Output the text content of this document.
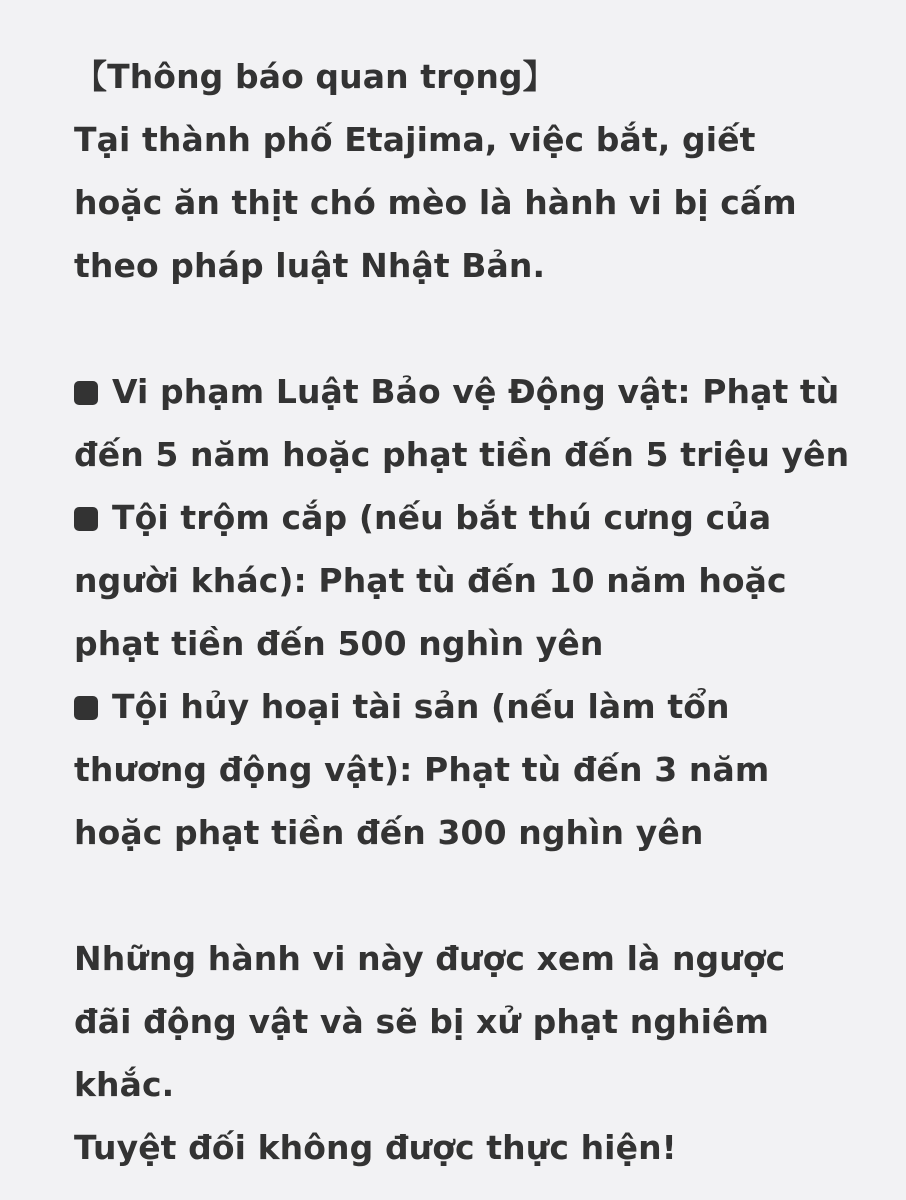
【Thông báo quan trọng】
Tại thành phố Etajima, việc bắt, giết
hoặc ăn thịt chó mèo là hành vi bị cấm
theo pháp luật Nhật Bản.
Vi phạm Luật Bảo vệ Động vật: Phạt tù
đến 5 năm hoặc phạt tiền đến 5 triệu yên
Tội trộm cắp (nếu bắt thú cưng của
người khác): Phạt tù đến 10 năm hoặc
phạt tiền đến 500 nghìn yên
Tội hủy hoại tài sản (nếu làm tổn
thương động vật): Phạt tù đến 3 năm
hoặc phạt tiền đến 300 nghìn yên
Những hành vi này được xem là ngược
đãi động vật và sẽ bị xử phạt nghiêm
khắc.
Tuyệt đối không được thực hiện!
